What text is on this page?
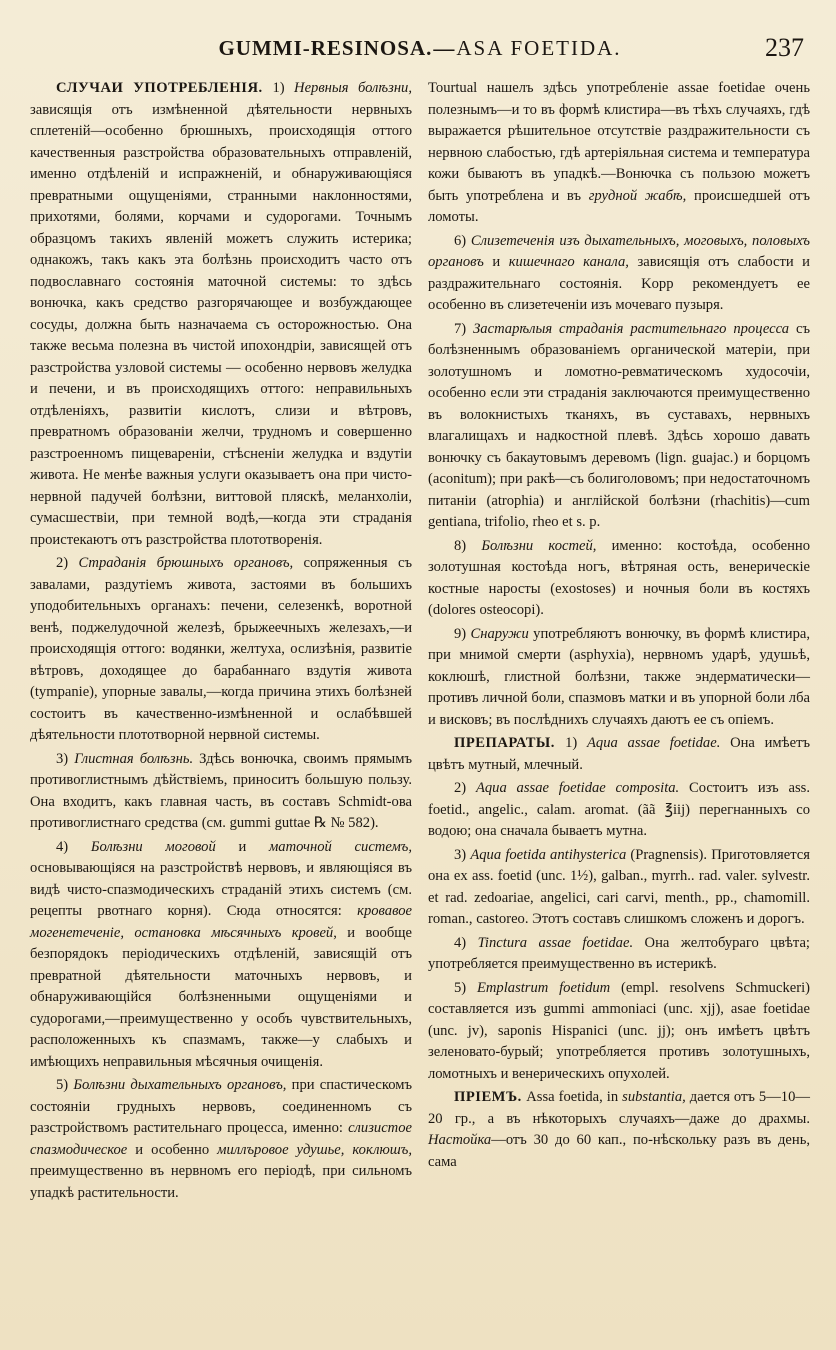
GUMMI-RESINOSA.—ASA FOETIDA.	237

СЛУЧАИ УПОТРЕБЛЕНІЯ. 1) Нервныя болѣзни, зависящія отъ измѣненной дѣятельности нервныхъ сплетеній—особенно брюшныхъ, происходящія оттого качественныя разстройства образовательныхъ отправленій, именно отдѣленій и испражненій, и обнаруживающіяся превратными ощущеніями, странными наклонностями, прихотями, болями, корчами и судорогами. Точнымъ образцомъ такихъ явленій можетъ служить истерика; однакожъ, такъ какъ эта болѣзнь происходитъ часто отъ подвославнаго состоянія маточной системы: то здѣсь вонючка, какъ средство разгорячающее и возбуждающее сосуды, должна быть назначаема съ осторожностью. Она также весьма полезна въ чистой ипохондріи, зависящей отъ разстройства узловой системы — особенно нервовъ желудка и печени, и въ происходящихъ оттого: неправильныхъ отдѣленіяхъ, развитіи кислотъ, слизи и вѣтровъ, превратномъ образованіи желчи, трудномъ и совершенно разстроенномъ пищевареніи, стѣсненіи желудка и вздутіи живота. Не менѣе важныя услуги оказываетъ она при чисто-нервной падучей болѣзни, виттовой пляскѣ, меланхоліи, сумасшествіи, при темной водѣ,—когда эти страданія проистекаютъ отъ разстройства плототворенія.

2) Страданія брюшныхъ органовъ, сопряженныя съ завалами, раздутіемъ живота, застоями въ большихъ уподобительныхъ органахъ: печени, селезенкѣ, воротной венѣ, поджелудочной железѣ, брыжеечныхъ железахъ,—и происходящія оттого: водянки, желтуха, ослизѣнія, развитіе вѣтровъ, доходящее до барабаннаго вздутія живота (tympanie), упорные завалы,—когда причина этихъ болѣзней состоитъ въ качественно-измѣненной и ослабѣвшей дѣятельности плототворной нервной системы.

3) Глистная болѣзнь. Здѣсь вонючка, своимъ прямымъ противоглистнымъ дѣйствіемъ, приноситъ большую пользу. Она входитъ, какъ главная часть, въ составъ Schmidt-ова противоглистнаго средства (см. gummi guttae ℞ № 582).

4) Болѣзни моговой и маточной системъ, основывающіяся на разстройствѣ нервовъ, и являющіяся въ видѣ чисто-спазмодическихъ страданій этихъ системъ (см. рецепты рвотнаго корня). Сюда относятся: кровавое могенетеченіе, остановка мѣсячныхъ кровей, и вообще безпорядокъ періодическихъ отдѣленій, зависящій отъ превратной дѣятельности маточныхъ нервовъ, и обнаруживающійся болѣзненными ощущеніями и судорогами,—преимущественно у особъ чувствительныхъ, расположенныхъ къ спазмамъ, также—у слабыхъ и имѣющихъ неправильныя мѣсячныя очищенія.

5) Болѣзни дыхательныхъ органовъ, при спастическомъ состояніи грудныхъ нервовъ, соединенномъ съ разстройствомъ растительнаго процесса, именно: слизистое спазмодическое и особенно миллъровое удушье, коклюшъ, преимущественно въ нервномъ его періодѣ, при сильномъ упадкѣ растительности.

Tourtual нашелъ здѣсь употребленіе assae foetidae очень полезнымъ—и то въ формѣ клистира—въ тѣхъ случаяхъ, гдѣ выражается рѣшительное отсутствіе раздражительности съ нервною слабостью, гдѣ артеріяльная система и температура кожи бываютъ въ упадкѣ.—Вонючка съ пользою можетъ быть употреблена и въ грудной жабѣ, происшедшей отъ ломоты.

6) Слизетеченія изъ дыхательныхъ, моговыхъ, половыхъ органовъ и кишечнаго канала, зависящія отъ слабости и раздражительнаго состоянія. Kopp рекомендуетъ ее особенно въ слизетеченіи изъ мочеваго пузыря.

7) Застарѣлыя страданія растительнаго процесса съ болѣзненнымъ образованіемъ органической матеріи, при золотушномъ и ломотно-ревматическомъ худосочіи, особенно если эти страданія заключаются преимущественно въ волокнистыхъ тканяхъ, въ суставахъ, нервныхъ влагалищахъ и надкостной плевѣ. Здѣсь хорошо давать вонючку съ бакаутовымъ деревомъ (lign. guajac.) и борцомъ (aconitum); при ракѣ—съ болиголовомъ; при недостаточномъ питаніи (atrophia) и англійской болѣзни (rhachitis)—cum gentiana, trifolio, rheo et s. p.

8) Болѣзни костей, именно: костоѣда, особенно золотушная костоѣда ногъ, вѣтряная ость, венерическіе костные наросты (exostoses) и ночныя боли въ костяхъ (dolores osteocopi).

9) Снаружи употребляютъ вонючку, въ формѣ клистира, при мнимой смерти (asphyxia), нервномъ ударѣ, удушьѣ, коклюшѣ, глистной болѣзни, также эндерматически—противъ личной боли, спазмовъ матки и въ упорной боли лба и висковъ; въ послѣднихъ случаяхъ даютъ ее съ опіемъ.

ПРЕПАРАТЫ. 1) Aqua assae foetidae. Она имѣетъ цвѣтъ мутный, млечный.

2) Aqua assae foetidae composita. Состоитъ изъ ass. foetid., angelic., calam. aromat. (ãã ℥iij) перегнанныхъ со водою; она сначала бываетъ мутна.

3) Aqua foetida antihysterica (Pragnensis). Приготовляется она ex ass. foetid (unc. 1½), galban., myrrh.. rad. valer. sylvestr. et rad. zedoariae, angelici, cari carvi, menth., pp., chamomill. roman., castoreo. Этотъ составъ слишкомъ сложенъ и дорогъ.

4) Tinctura assae foetidae. Она желтобураго цвѣта; употребляется преимущественно въ истерикѣ.

5) Emplastrum foetidum (empl. resolvens Schmuckeri) составляется изъ gummi ammoniaci (unc. xjj), asae foetidae (unc. jv), saponis Hispanici (unc. jj); онъ имѣетъ цвѣтъ зеленовато-бурый; употребляется противъ золотушныхъ, ломотныхъ и венерическихъ опухолей.

ПРІЕМЪ. Assa foetida, in substantia, дается отъ 5—10—20 гр., а въ нѣкоторыхъ случаяхъ—даже до драхмы. Настойка—отъ 30 до 60 кап., по-нѣскольку разъ въ день, сама
